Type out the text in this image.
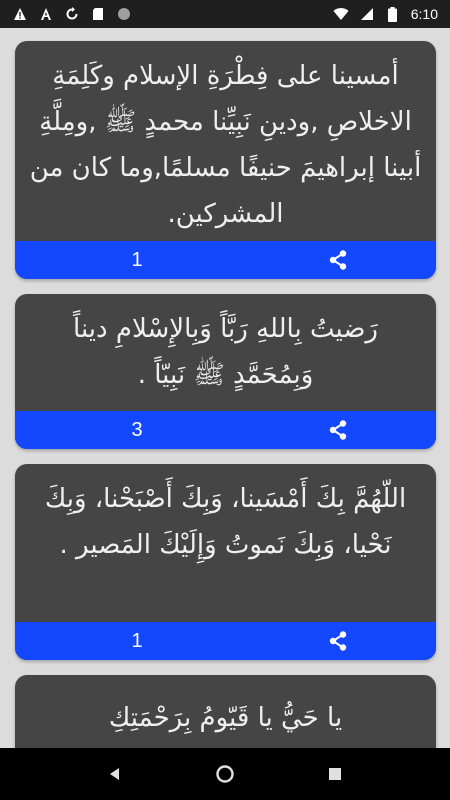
6:10
أمسينا على فِطْرَةِ الإسلام وكَلِمَةِ الاخلاصِ ,ودينِ نَبِيِّنا محمدٍ ﷺ ,ومِلَّةِ أبينا إبراهيمَ حنيفًا مسلمًا,وما كان من المشركين.
1
رَضيتُ بِاللهِ رَبَّاً وَبِالإِسْلامِ ديناً وَبِمُحَمَّدٍ ﷺ نَبِيّاً .
3
اللّهُمَّ بِكَ أَمْسَينا، وَبِكَ أَصْبَحْنا، وَبِكَ نَحْيا، وَبِكَ نَموتُ وَإِلَيْكَ المَصير .
1
يا حَيُّ يا قَيّومُ بِرَحْمَتِكِ
